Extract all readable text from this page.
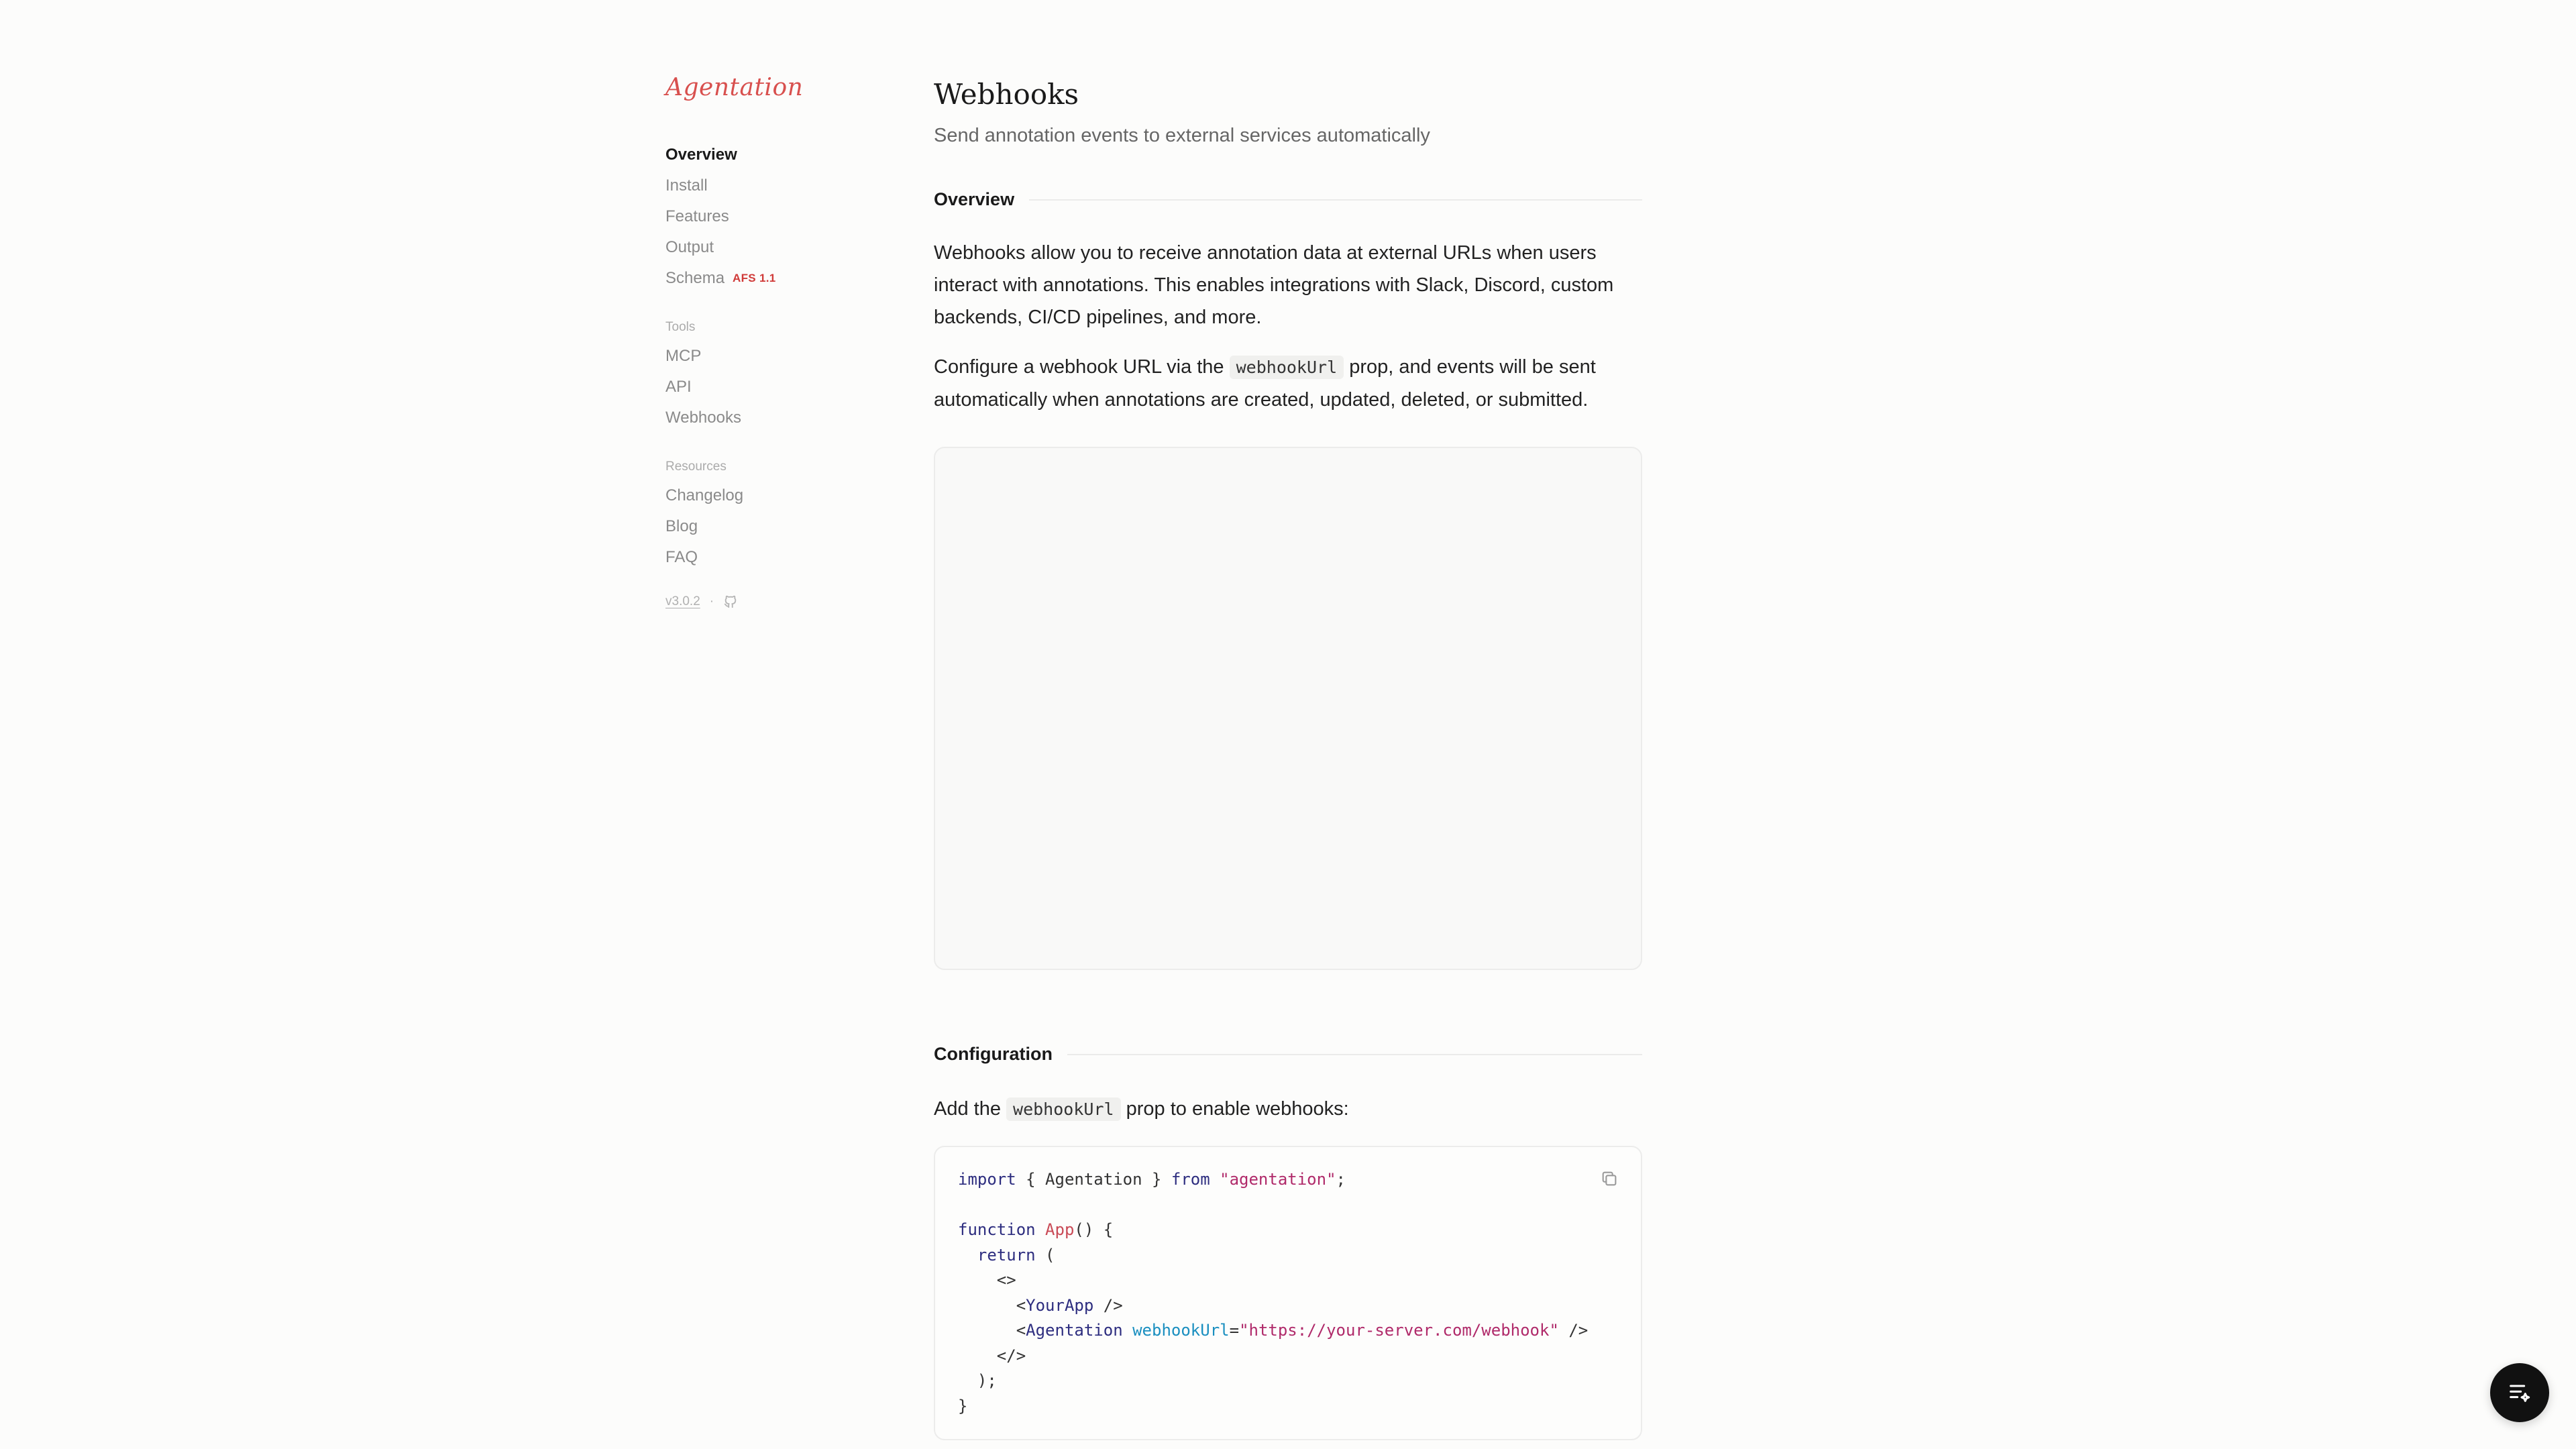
Agentation
Overview
Install
Features
Output
Schema AFS 1.1
Tools
MCP
API
Webhooks
Resources
Changelog
Blog
FAQ
v3.0.2 ·
Webhooks

Send annotation events to external services automatically

Overview

Webhooks allow you to receive annotation data at external URLs when users interact with annotations. This enables integrations with Slack, Discord, custom backends, CI/CD pipelines, and more.

Configure a webhook URL via the webhookUrl prop, and events will be sent automatically when annotations are created, updated, deleted, or submitted.

Configuration

Add the webhookUrl prop to enable webhooks:

import { Agentation } from "agentation";
function App() {
return (
<>
<YourApp />
<Agentation webhookUrl="https://your-server.com/webhook" />
</>
);
}
